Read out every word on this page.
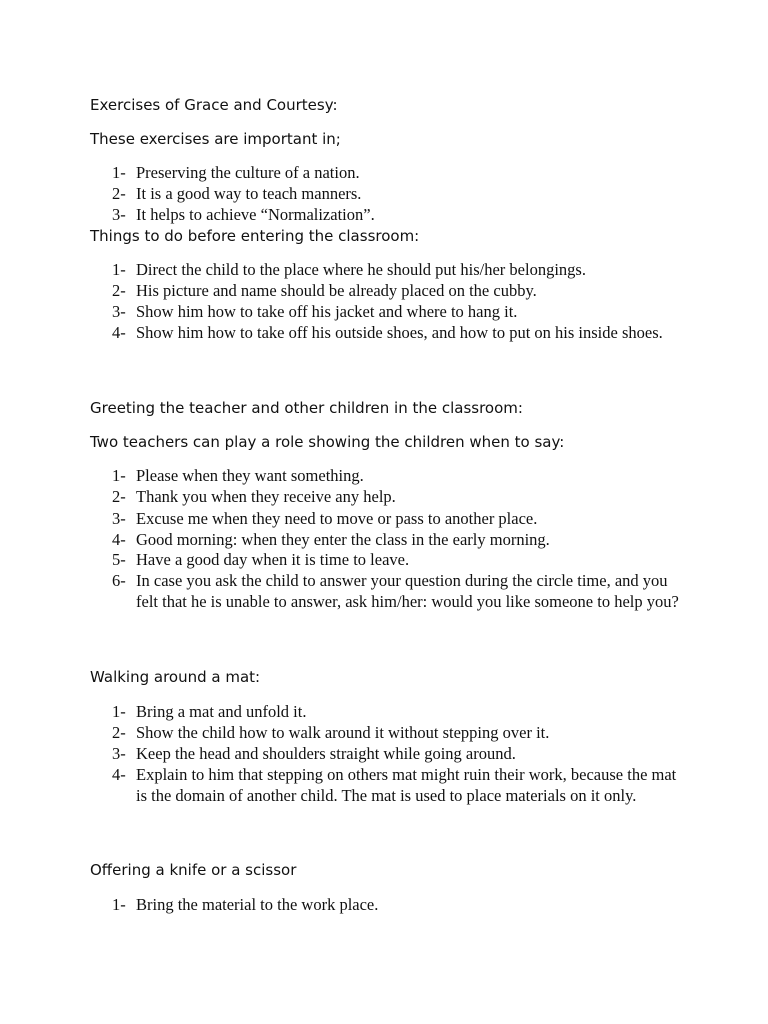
Exercises of Grace and Courtesy:
These exercises are important in;
1- Preserving the culture of a nation.
2- It is a good way to teach manners.
3- It helps to achieve “Normalization”.
Things to do before entering the classroom:
1- Direct the child to the place where he should put his/her belongings.
2- His picture and name should be already placed on the cubby.
3- Show him how to take off his jacket and where to hang it.
4- Show him how to take off his outside shoes, and how to put on his inside shoes.
Greeting the teacher and other children in the classroom:
Two teachers can play a role showing the children when to say:
1- Please when they want something.
2- Thank you when they receive any help.
3- Excuse me when they need to move or pass to another place.
4- Good morning: when they enter the class in the early morning.
5- Have a good day when it is time to leave.
6- In case you ask the child to answer your question during the circle time, and you felt that he is unable to answer, ask him/her: would you like someone to help you?
Walking around a mat:
1- Bring a mat and unfold it.
2- Show the child how to walk around it without stepping over it.
3- Keep the head and shoulders straight while going around.
4- Explain to him that stepping on others mat might ruin their work, because the mat is the domain of another child. The mat is used to place materials on it only.
Offering a knife or a scissor
1- Bring the material to the work place.
